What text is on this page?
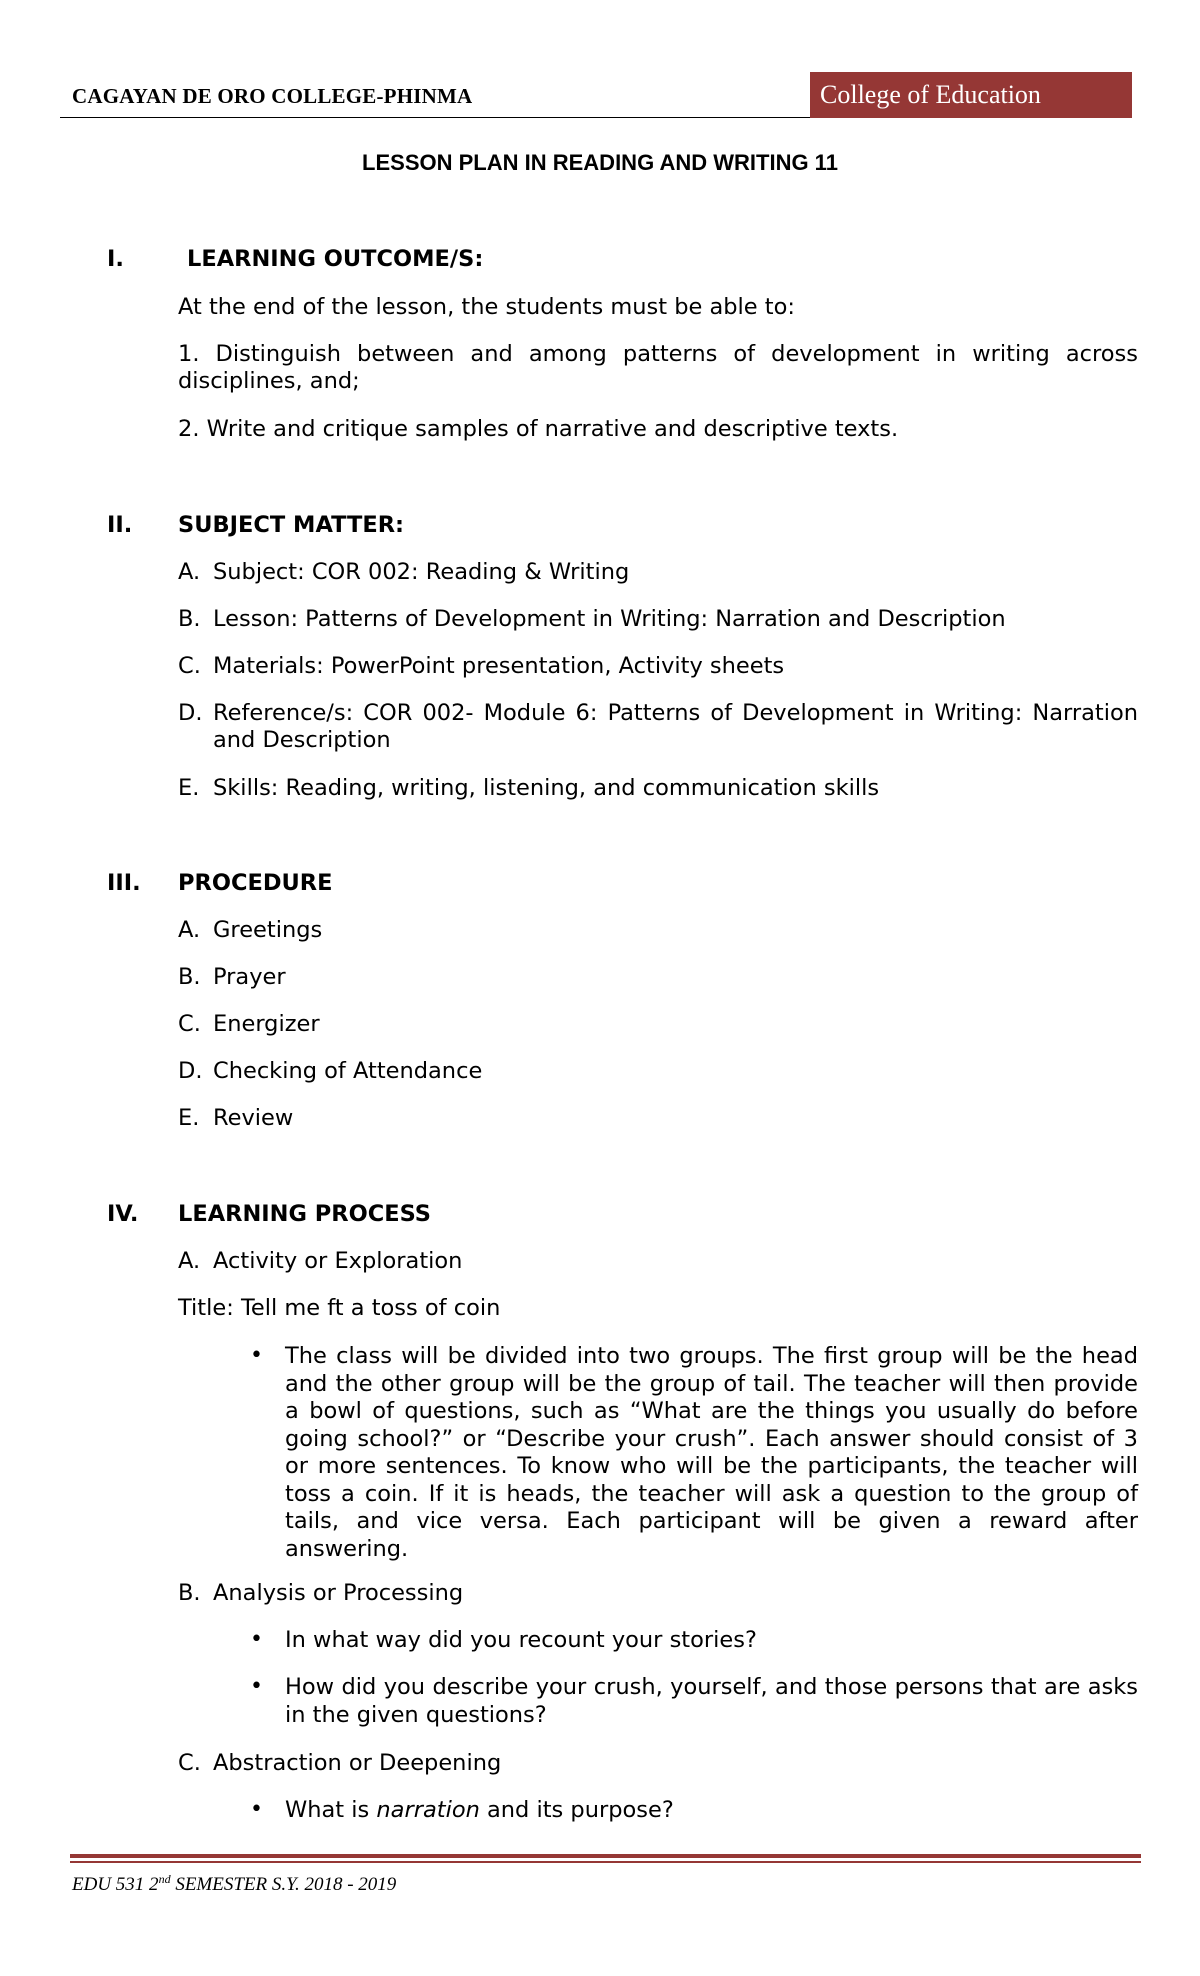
CAGAYAN DE ORO COLLEGE-PHINMA	College of Education
LESSON PLAN IN READING AND WRITING 11
I.	LEARNING OUTCOME/S:
At the end of the lesson, the students must be able to:
1. Distinguish between and among patterns of development in writing across disciplines, and;
2. Write and critique samples of narrative and descriptive texts.
II. SUBJECT MATTER:
A. Subject: COR 002: Reading & Writing
B. Lesson: Patterns of Development in Writing: Narration and Description
C. Materials: PowerPoint presentation, Activity sheets
D. Reference/s: COR 002- Module 6: Patterns of Development in Writing: Narration and Description
E. Skills: Reading, writing, listening, and communication skills
III. PROCEDURE
A. Greetings
B. Prayer
C. Energizer
D. Checking of Attendance
E. Review
IV. LEARNING PROCESS
A. Activity or Exploration
Title: Tell me ft a toss of coin
• The class will be divided into two groups. The first group will be the head and the other group will be the group of tail. The teacher will then provide a bowl of questions, such as “What are the things you usually do before going school?” or “Describe your crush”. Each answer should consist of 3 or more sentences. To know who will be the participants, the teacher will toss a coin. If it is heads, the teacher will ask a question to the group of tails, and vice versa. Each participant will be given a reward after answering.
B. Analysis or Processing
• In what way did you recount your stories?
• How did you describe your crush, yourself, and those persons that are asks in the given questions?
C. Abstraction or Deepening
• What is narration and its purpose?
EDU 531 2nd SEMESTER S.Y. 2018 - 2019
